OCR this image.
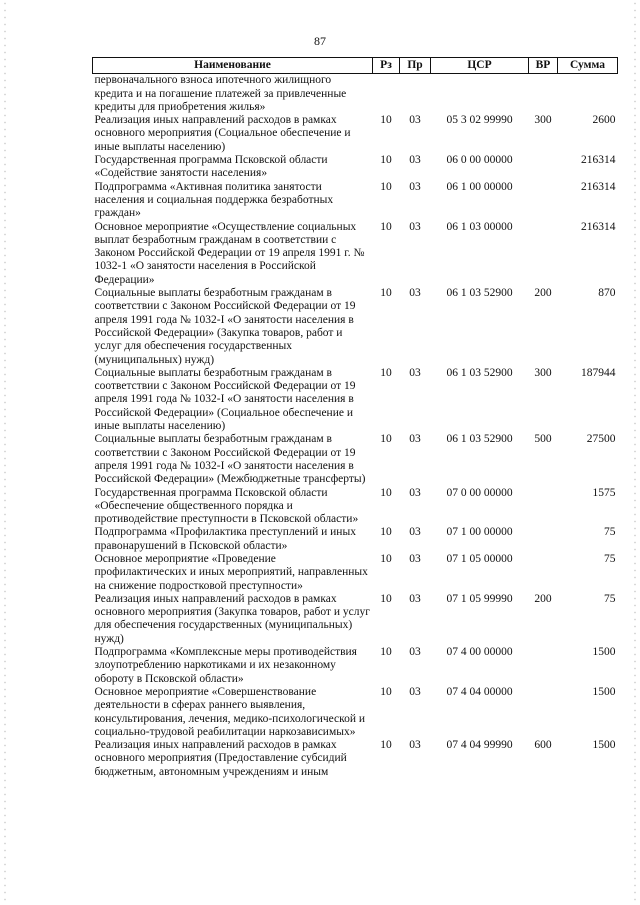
87
Наименование	Рз	Пр	ЦСР	ВР	Сумма
первоначального взноса ипотечного жилищного кредита и на погашение платежей за привлеченные кредиты для приобретения жилья»					
Реализация иных направлений расходов в рамках основного мероприятия (Социальное обеспечение и иные выплаты населению)	10	03	05 3 02 99990	300	2600
Государственная программа Псковской области «Содействие занятости населения»	10	03	06 0 00 00000		216314
Подпрограмма «Активная политика занятости населения и социальная поддержка безработных граждан»	10	03	06 1 00 00000		216314
Основное мероприятие «Осуществление социальных выплат безработным гражданам в соответствии с Законом Российской Федерации от 19 апреля 1991 г. № 1032-1 «О занятости населения в Российской Федерации»	10	03	06 1 03 00000		216314
Социальные выплаты безработным гражданам в соответствии с Законом Российской Федерации от 19 апреля 1991 года № 1032-I «О занятости населения в Российской Федерации» (Закупка товаров, работ и услуг для обеспечения государственных (муниципальных) нужд)	10	03	06 1 03 52900	200	870
Социальные выплаты безработным гражданам в соответствии с Законом Российской Федерации от 19 апреля 1991 года № 1032-I «О занятости населения в Российской Федерации» (Социальное обеспечение и иные выплаты населению)	10	03	06 1 03 52900	300	187944
Социальные выплаты безработным гражданам в соответствии с Законом Российской Федерации от 19 апреля 1991 года № 1032-I «О занятости населения в Российской Федерации» (Межбюджетные трансферты)	10	03	06 1 03 52900	500	27500
Государственная программа Псковской области «Обеспечение общественного порядка и противодействие преступности в Псковской области»	10	03	07 0 00 00000		1575
Подпрограмма «Профилактика преступлений и иных правонарушений в Псковской области»	10	03	07 1 00 00000		75
Основное мероприятие «Проведение профилактических и иных мероприятий, направленных на снижение подростковой преступности»	10	03	07 1 05 00000		75
Реализация иных направлений расходов в рамках основного мероприятия (Закупка товаров, работ и услуг для обеспечения государственных (муниципальных) нужд)	10	03	07 1 05 99990	200	75
Подпрограмма «Комплексные меры противодействия злоупотреблению наркотиками и их незаконному обороту в Псковской области»	10	03	07 4 00 00000		1500
Основное мероприятие «Совершенствование деятельности в сферах раннего выявления, консультирования, лечения, медико-психологической и социально-трудовой реабилитации наркозависимых»	10	03	07 4 04 00000		1500
Реализация иных направлений расходов в рамках основного мероприятия (Предоставление субсидий бюджетным, автономным учреждениям и иным	10	03	07 4 04 99990	600	1500
